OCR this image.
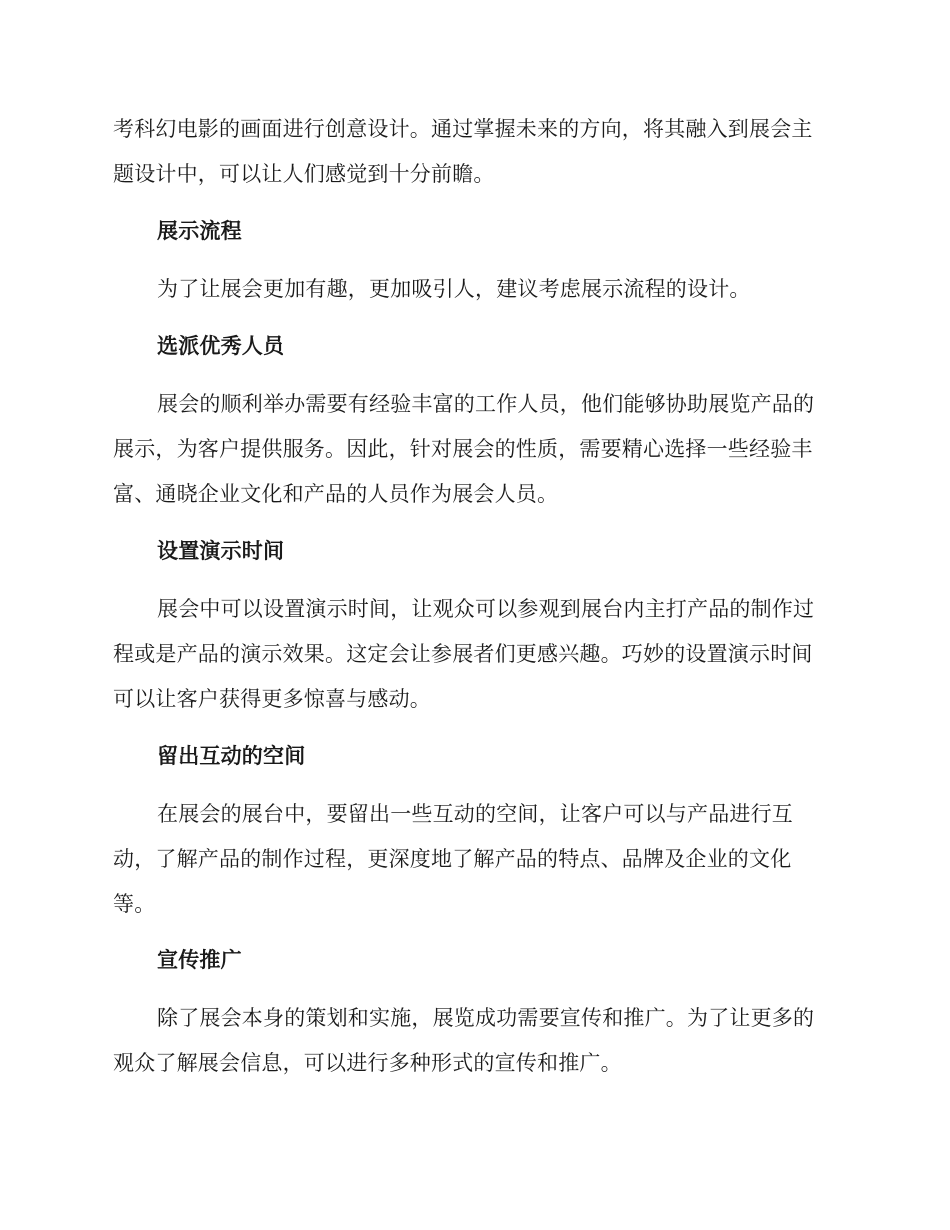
考科幻电影的画面进行创意设计。通过掌握未来的方向，将其融入到展会主
题设计中，可以让人们感觉到十分前瞻。
展示流程
为了让展会更加有趣，更加吸引人，建议考虑展示流程的设计。
选派优秀人员
展会的顺利举办需要有经验丰富的工作人员，他们能够协助展览产品的
展示，为客户提供服务。因此，针对展会的性质，需要精心选择一些经验丰
富、通晓企业文化和产品的人员作为展会人员。
设置演示时间
展会中可以设置演示时间，让观众可以参观到展台内主打产品的制作过
程或是产品的演示效果。这定会让参展者们更感兴趣。巧妙的设置演示时间
可以让客户获得更多惊喜与感动。
留出互动的空间
在展会的展台中，要留出一些互动的空间，让客户可以与产品进行互
动，了解产品的制作过程，更深度地了解产品的特点、品牌及企业的文化
等。
宣传推广
除了展会本身的策划和实施，展览成功需要宣传和推广。为了让更多的
观众了解展会信息，可以进行多种形式的宣传和推广。
